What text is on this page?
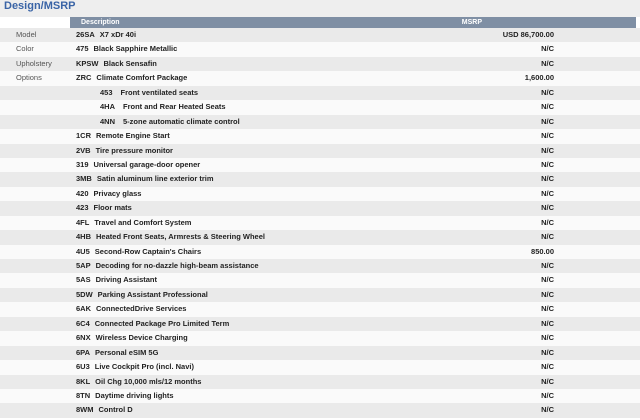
Design/MSRP
Description	MSRP
Model	26SA X7 xDr 40i	USD 86,700.00
Color	475 Black Sapphire Metallic	N/C
Upholstery	KPSW Black Sensafin	N/C
Options	ZRC Climate Comfort Package	1,600.00
453	Front ventilated seats	N/C
4HA	Front and Rear Heated Seats	N/C
4NN	5-zone automatic climate control	N/C
1CR Remote Engine Start	N/C
2VB Tire pressure monitor	N/C
319 Universal garage-door opener	N/C
3MB Satin aluminum line exterior trim	N/C
420 Privacy glass	N/C
423 Floor mats	N/C
4FL Travel and Comfort System	N/C
4HB Heated Front Seats, Armrests & Steering Wheel	N/C
4U5 Second-Row Captain's Chairs	850.00
5AP Decoding for no-dazzle high-beam assistance	N/C
5AS Driving Assistant	N/C
5DW Parking Assistant Professional	N/C
6AK ConnectedDrive Services	N/C
6C4 Connected Package Pro Limited Term	N/C
6NX Wireless Device Charging	N/C
6PA Personal eSIM 5G	N/C
6U3 Live Cockpit Pro (incl. Navi)	N/C
8KL Oil Chg 10,000 mls/12 months	N/C
8TN Daytime driving lights	N/C
8WM Control D	N/C
